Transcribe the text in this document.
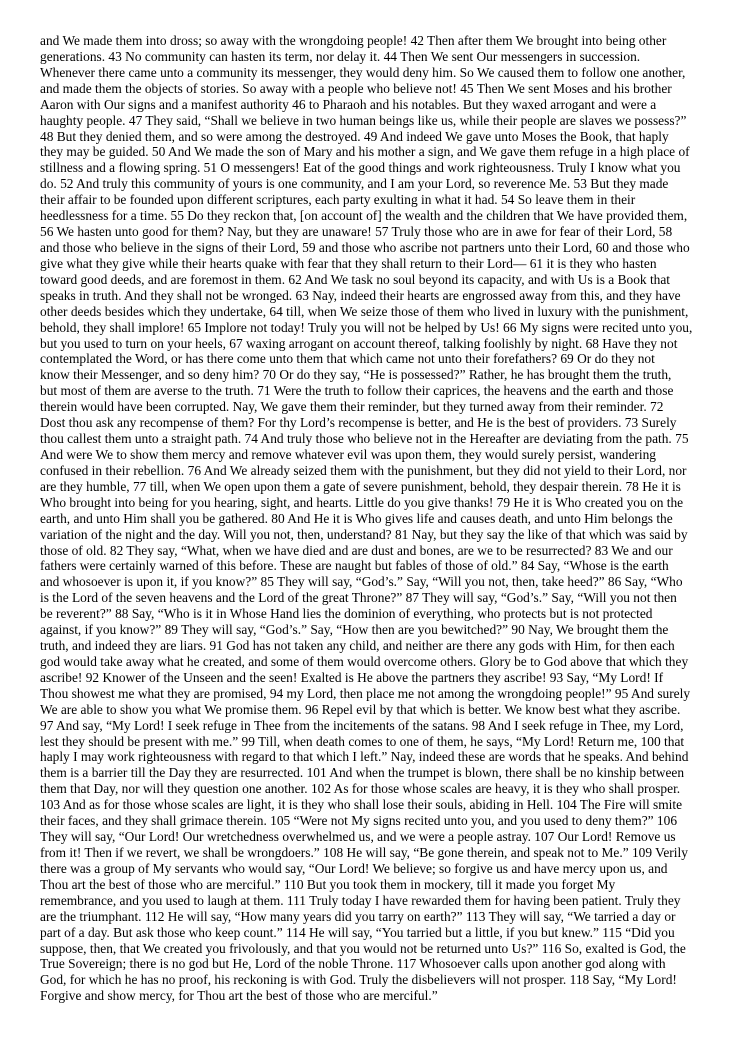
and We made them into dross; so away with the wrongdoing people! 42 Then after them We brought into being other
generations. 43 No community can hasten its term, nor delay it. 44 Then We sent Our messengers in succession.
Whenever there came unto a community its messenger, they would deny him. So We caused them to follow one another,
and made them the objects of stories. So away with a people who believe not! 45 Then We sent Moses and his brother
Aaron with Our signs and a manifest authority 46 to Pharaoh and his notables. But they waxed arrogant and were a
haughty people. 47 They said, “Shall we believe in two human beings like us, while their people are slaves we possess?”
48 But they denied them, and so were among the destroyed. 49 And indeed We gave unto Moses the Book, that haply
they may be guided. 50 And We made the son of Mary and his mother a sign, and We gave them refuge in a high place of
stillness and a flowing spring. 51 O messengers! Eat of the good things and work righteousness. Truly I know what you
do. 52 And truly this community of yours is one community, and I am your Lord, so reverence Me. 53 But they made
their affair to be founded upon different scriptures, each party exulting in what it had. 54 So leave them in their
heedlessness for a time. 55 Do they reckon that, [on account of] the wealth and the children that We have provided them,
56 We hasten unto good for them? Nay, but they are unaware! 57 Truly those who are in awe for fear of their Lord, 58
and those who believe in the signs of their Lord, 59 and those who ascribe not partners unto their Lord, 60 and those who
give what they give while their hearts quake with fear that they shall return to their Lord— 61 it is they who hasten
toward good deeds, and are foremost in them. 62 And We task no soul beyond its capacity, and with Us is a Book that
speaks in truth. And they shall not be wronged. 63 Nay, indeed their hearts are engrossed away from this, and they have
other deeds besides which they undertake, 64 till, when We seize those of them who lived in luxury with the punishment,
behold, they shall implore! 65 Implore not today! Truly you will not be helped by Us! 66 My signs were recited unto you,
but you used to turn on your heels, 67 waxing arrogant on account thereof, talking foolishly by night. 68 Have they not
contemplated the Word, or has there come unto them that which came not unto their forefathers? 69 Or do they not
know their Messenger, and so deny him? 70 Or do they say, “He is possessed?” Rather, he has brought them the truth,
but most of them are averse to the truth. 71 Were the truth to follow their caprices, the heavens and the earth and those
therein would have been corrupted. Nay, We gave them their reminder, but they turned away from their reminder. 72
Dost thou ask any recompense of them? For thy Lord’s recompense is better, and He is the best of providers. 73 Surely
thou callest them unto a straight path. 74 And truly those who believe not in the Hereafter are deviating from the path. 75
And were We to show them mercy and remove whatever evil was upon them, they would surely persist, wandering
confused in their rebellion. 76 And We already seized them with the punishment, but they did not yield to their Lord, nor
are they humble, 77 till, when We open upon them a gate of severe punishment, behold, they despair therein. 78 He it is
Who brought into being for you hearing, sight, and hearts. Little do you give thanks! 79 He it is Who created you on the
earth, and unto Him shall you be gathered. 80 And He it is Who gives life and causes death, and unto Him belongs the
variation of the night and the day. Will you not, then, understand? 81 Nay, but they say the like of that which was said by
those of old. 82 They say, “What, when we have died and are dust and bones, are we to be resurrected? 83 We and our
fathers were certainly warned of this before. These are naught but fables of those of old.” 84 Say, “Whose is the earth
and whosoever is upon it, if you know?” 85 They will say, “God’s.” Say, “Will you not, then, take heed?” 86 Say, “Who
is the Lord of the seven heavens and the Lord of the great Throne?” 87 They will say, “God’s.” Say, “Will you not then
be reverent?” 88 Say, “Who is it in Whose Hand lies the dominion of everything, who protects but is not protected
against, if you know?” 89 They will say, “God’s.” Say, “How then are you bewitched?” 90 Nay, We brought them the
truth, and indeed they are liars. 91 God has not taken any child, and neither are there any gods with Him, for then each
god would take away what he created, and some of them would overcome others. Glory be to God above that which they
ascribe! 92 Knower of the Unseen and the seen! Exalted is He above the partners they ascribe! 93 Say, “My Lord! If
Thou showest me what they are promised, 94 my Lord, then place me not among the wrongdoing people!” 95 And surely
We are able to show you what We promise them. 96 Repel evil by that which is better. We know best what they ascribe.
97 And say, “My Lord! I seek refuge in Thee from the incitements of the satans. 98 And I seek refuge in Thee, my Lord,
lest they should be present with me.” 99 Till, when death comes to one of them, he says, “My Lord! Return me, 100 that
haply I may work righteousness with regard to that which I left.” Nay, indeed these are words that he speaks. And behind
them is a barrier till the Day they are resurrected. 101 And when the trumpet is blown, there shall be no kinship between
them that Day, nor will they question one another. 102 As for those whose scales are heavy, it is they who shall prosper.
103 And as for those whose scales are light, it is they who shall lose their souls, abiding in Hell. 104 The Fire will smite
their faces, and they shall grimace therein. 105 “Were not My signs recited unto you, and you used to deny them?” 106
They will say, “Our Lord! Our wretchedness overwhelmed us, and we were a people astray. 107 Our Lord! Remove us
from it! Then if we revert, we shall be wrongdoers.” 108 He will say, “Be gone therein, and speak not to Me.” 109 Verily
there was a group of My servants who would say, “Our Lord! We believe; so forgive us and have mercy upon us, and
Thou art the best of those who are merciful.” 110 But you took them in mockery, till it made you forget My
remembrance, and you used to laugh at them. 111 Truly today I have rewarded them for having been patient. Truly they
are the triumphant. 112 He will say, “How many years did you tarry on earth?” 113 They will say, “We tarried a day or
part of a day. But ask those who keep count.” 114 He will say, “You tarried but a little, if you but knew.” 115 “Did you
suppose, then, that We created you frivolously, and that you would not be returned unto Us?” 116 So, exalted is God, the
True Sovereign; there is no god but He, Lord of the noble Throne. 117 Whosoever calls upon another god along with
God, for which he has no proof, his reckoning is with God. Truly the disbelievers will not prosper. 118 Say, “My Lord!
Forgive and show mercy, for Thou art the best of those who are merciful.”
